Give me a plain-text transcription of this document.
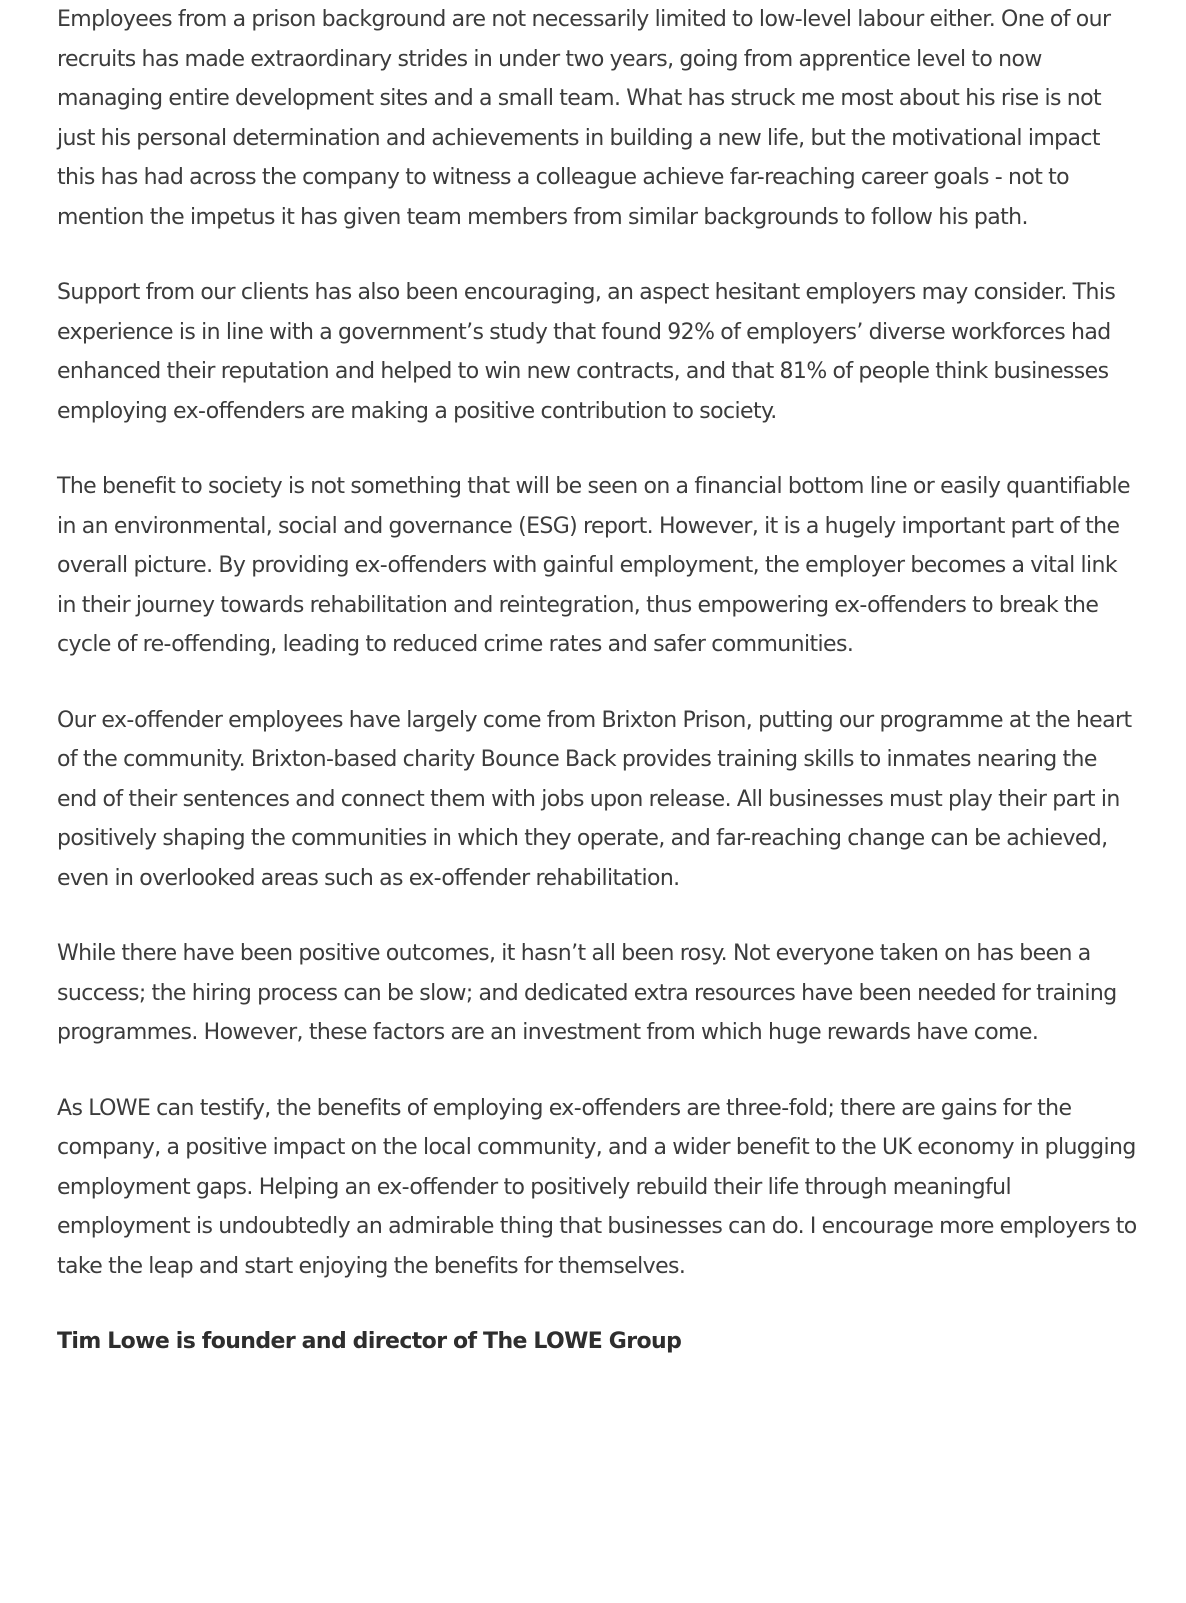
Employees from a prison background are not necessarily limited to low-level labour either. One of our recruits has made extraordinary strides in under two years, going from apprentice level to now managing entire development sites and a small team. What has struck me most about his rise is not just his personal determination and achievements in building a new life, but the motivational impact this has had across the company to witness a colleague achieve far-reaching career goals - not to mention the impetus it has given team members from similar backgrounds to follow his path.

Support from our clients has also been encouraging, an aspect hesitant employers may consider. This experience is in line with a government’s study that found 92% of employers’ diverse workforces had enhanced their reputation and helped to win new contracts, and that 81% of people think businesses employing ex-offenders are making a positive contribution to society.

The benefit to society is not something that will be seen on a financial bottom line or easily quantifiable in an environmental, social and governance (ESG) report. However, it is a hugely important part of the overall picture. By providing ex-offenders with gainful employment, the employer becomes a vital link in their journey towards rehabilitation and reintegration, thus empowering ex-offenders to break the cycle of re-offending, leading to reduced crime rates and safer communities.

Our ex-offender employees have largely come from Brixton Prison, putting our programme at the heart of the community. Brixton-based charity Bounce Back provides training skills to inmates nearing the end of their sentences and connect them with jobs upon release. All businesses must play their part in positively shaping the communities in which they operate, and far-reaching change can be achieved, even in overlooked areas such as ex-offender rehabilitation.

While there have been positive outcomes, it hasn’t all been rosy. Not everyone taken on has been a success; the hiring process can be slow; and dedicated extra resources have been needed for training programmes. However, these factors are an investment from which huge rewards have come.

As LOWE can testify, the benefits of employing ex-offenders are three-fold; there are gains for the company, a positive impact on the local community, and a wider benefit to the UK economy in plugging employment gaps. Helping an ex-offender to positively rebuild their life through meaningful employment is undoubtedly an admirable thing that businesses can do. I encourage more employers to take the leap and start enjoying the benefits for themselves.

Tim Lowe is founder and director of The LOWE Group
